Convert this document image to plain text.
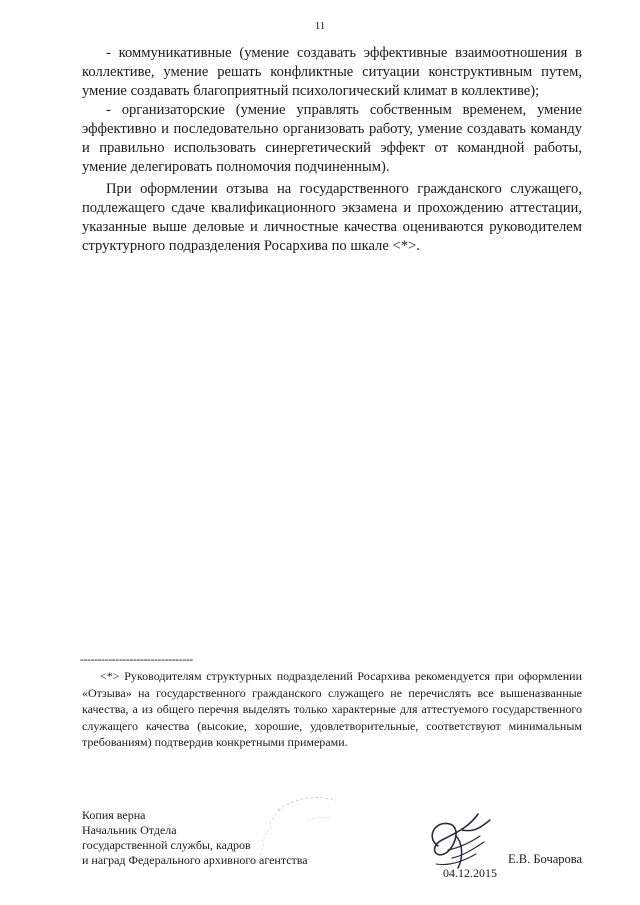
11

- коммуникативные (умение создавать эффективные взаимоотношения в коллективе, умение решать конфликтные ситуации конструктивным путем, умение создавать благоприятный психологический климат в коллективе);

- организаторские (умение управлять собственным временем, умение эффективно и последовательно организовать работу, умение создавать команду и правильно использовать синергетический эффект от командной работы, умение делегировать полномочия подчиненным).

При оформлении отзыва на государственного гражданского служащего, подлежащего сдаче квалификационного экзамена и прохождению аттестации, указанные выше деловые и личностные качества оцениваются руководителем структурного подразделения Росархива по шкале <*>.

--------------------------------

<*> Руководителям структурных подразделений Росархива рекомендуется при оформлении «Отзыва» на государственного гражданского служащего не перечислять все вышеназванные качества, а из общего перечня выделять только характерные для аттестуемого государственного служащего качества (высокие, хорошие, удовлетворительные, соответствуют минимальным требованиям) подтвердив конкретными примерами.

Копия верна
Начальник Отдела
государственной службы, кадров
и наград Федерального архивного агентства
04.12.2015
Е.В. Бочарова
